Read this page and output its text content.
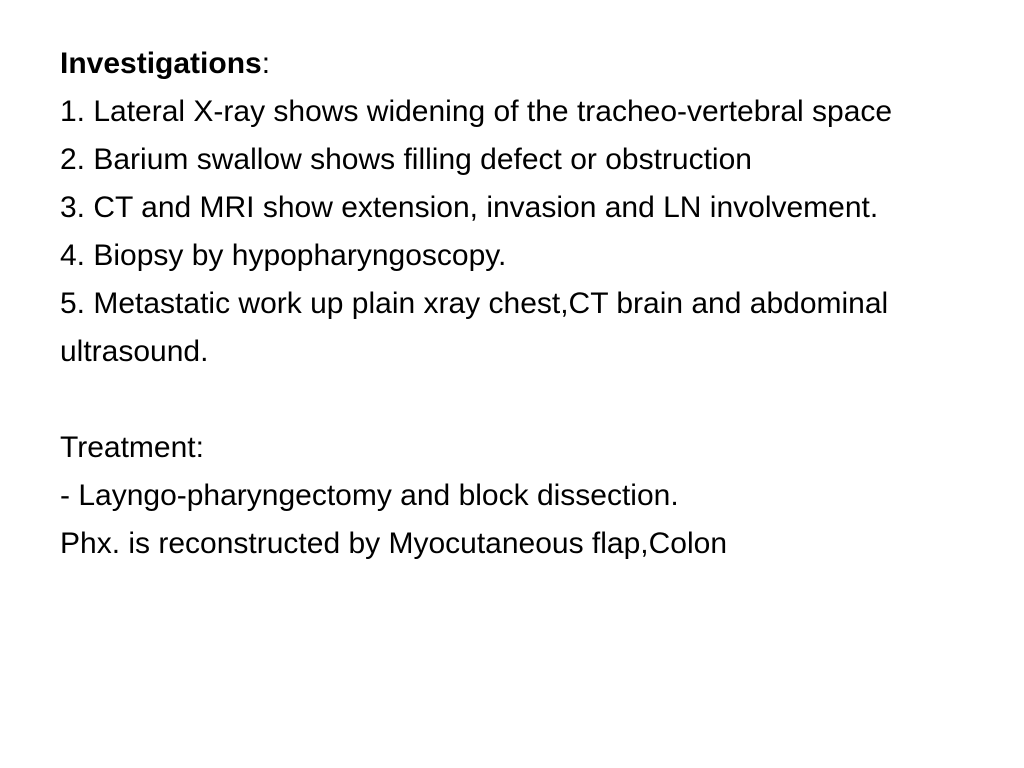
Investigations:

1. Lateral X-ray shows widening of the tracheo-vertebral space

2. Barium swallow shows filling defect or obstruction

3. CT and MRI show extension, invasion and LN involvement.

4. Biopsy by hypopharyngoscopy.

5. Metastatic work up plain xray chest,CT brain and abdominal ultrasound.

Treatment:

- Layngo-pharyngectomy and block dissection.

Phx. is reconstructed by Myocutaneous flap,Colon
